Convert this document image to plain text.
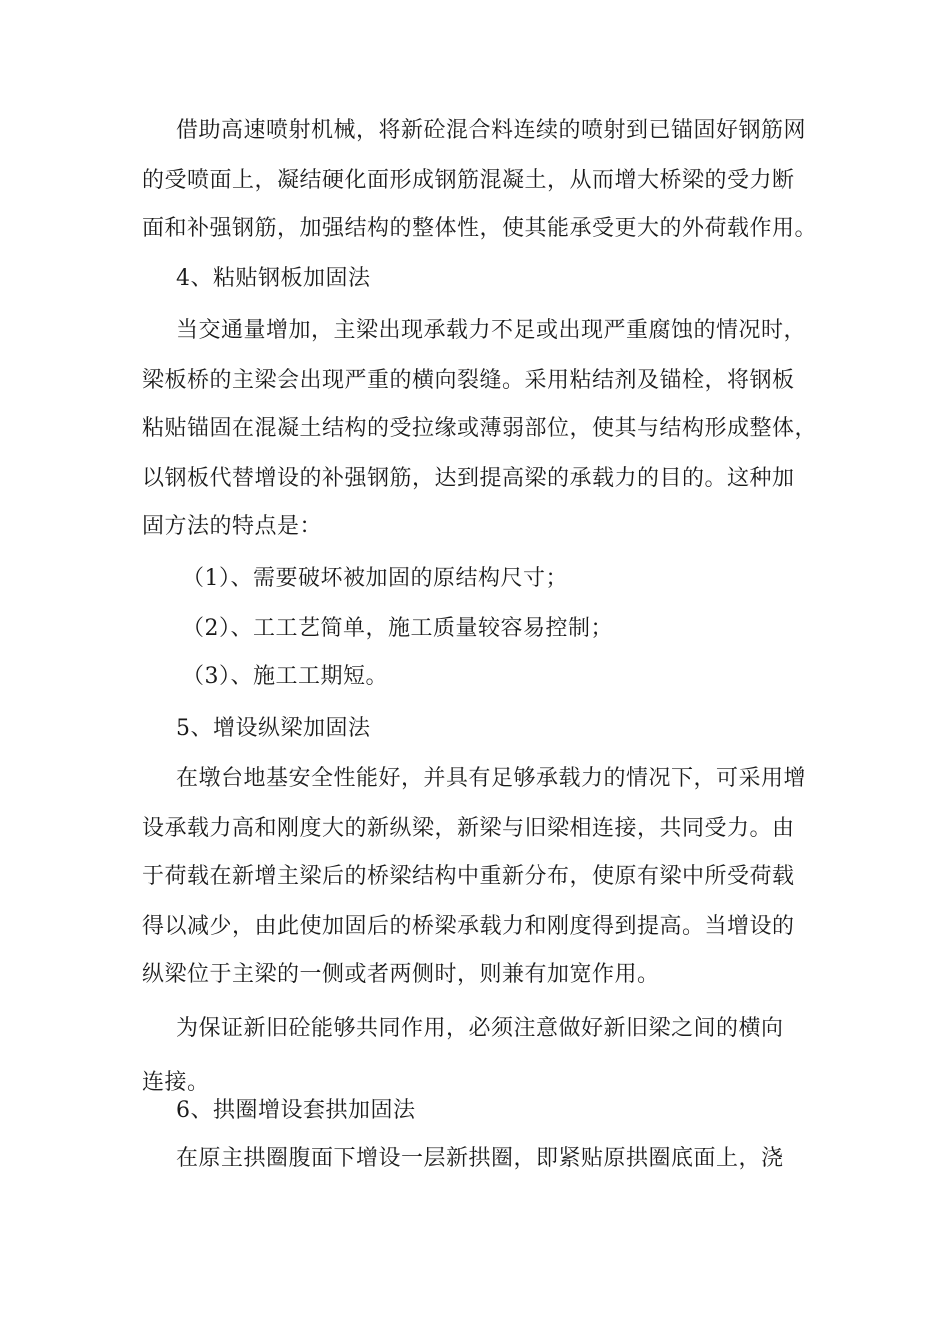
借助高速喷射机械，将新砼混合料连续的喷射到已锚固好钢筋网
的受喷面上，凝结硬化面形成钢筋混凝土，从而增大桥梁的受力断
面和补强钢筋，加强结构的整体性，使其能承受更大的外荷载作用。
4、粘贴钢板加固法
当交通量增加，主梁出现承载力不足或出现严重腐蚀的情况时，
梁板桥的主梁会出现严重的横向裂缝。采用粘结剂及锚栓，将钢板
粘贴锚固在混凝土结构的受拉缘或薄弱部位，使其与结构形成整体，
以钢板代替增设的补强钢筋，达到提高梁的承载力的目的。这种加
固方法的特点是：
（1）、需要破坏被加固的原结构尺寸；
（2）、工工艺简单，施工质量较容易控制；
（3）、施工工期短。
5、增设纵梁加固法
在墩台地基安全性能好，并具有足够承载力的情况下，可采用增
设承载力高和刚度大的新纵梁，新梁与旧梁相连接，共同受力。由
于荷载在新增主梁后的桥梁结构中重新分布，使原有梁中所受荷载
得以减少，由此使加固后的桥梁承载力和刚度得到提高。当增设的
纵梁位于主梁的一侧或者两侧时，则兼有加宽作用。
为保证新旧砼能够共同作用，必须注意做好新旧梁之间的横向
连接。
6、拱圈增设套拱加固法
在原主拱圈腹面下增设一层新拱圈，即紧贴原拱圈底面上，浇
